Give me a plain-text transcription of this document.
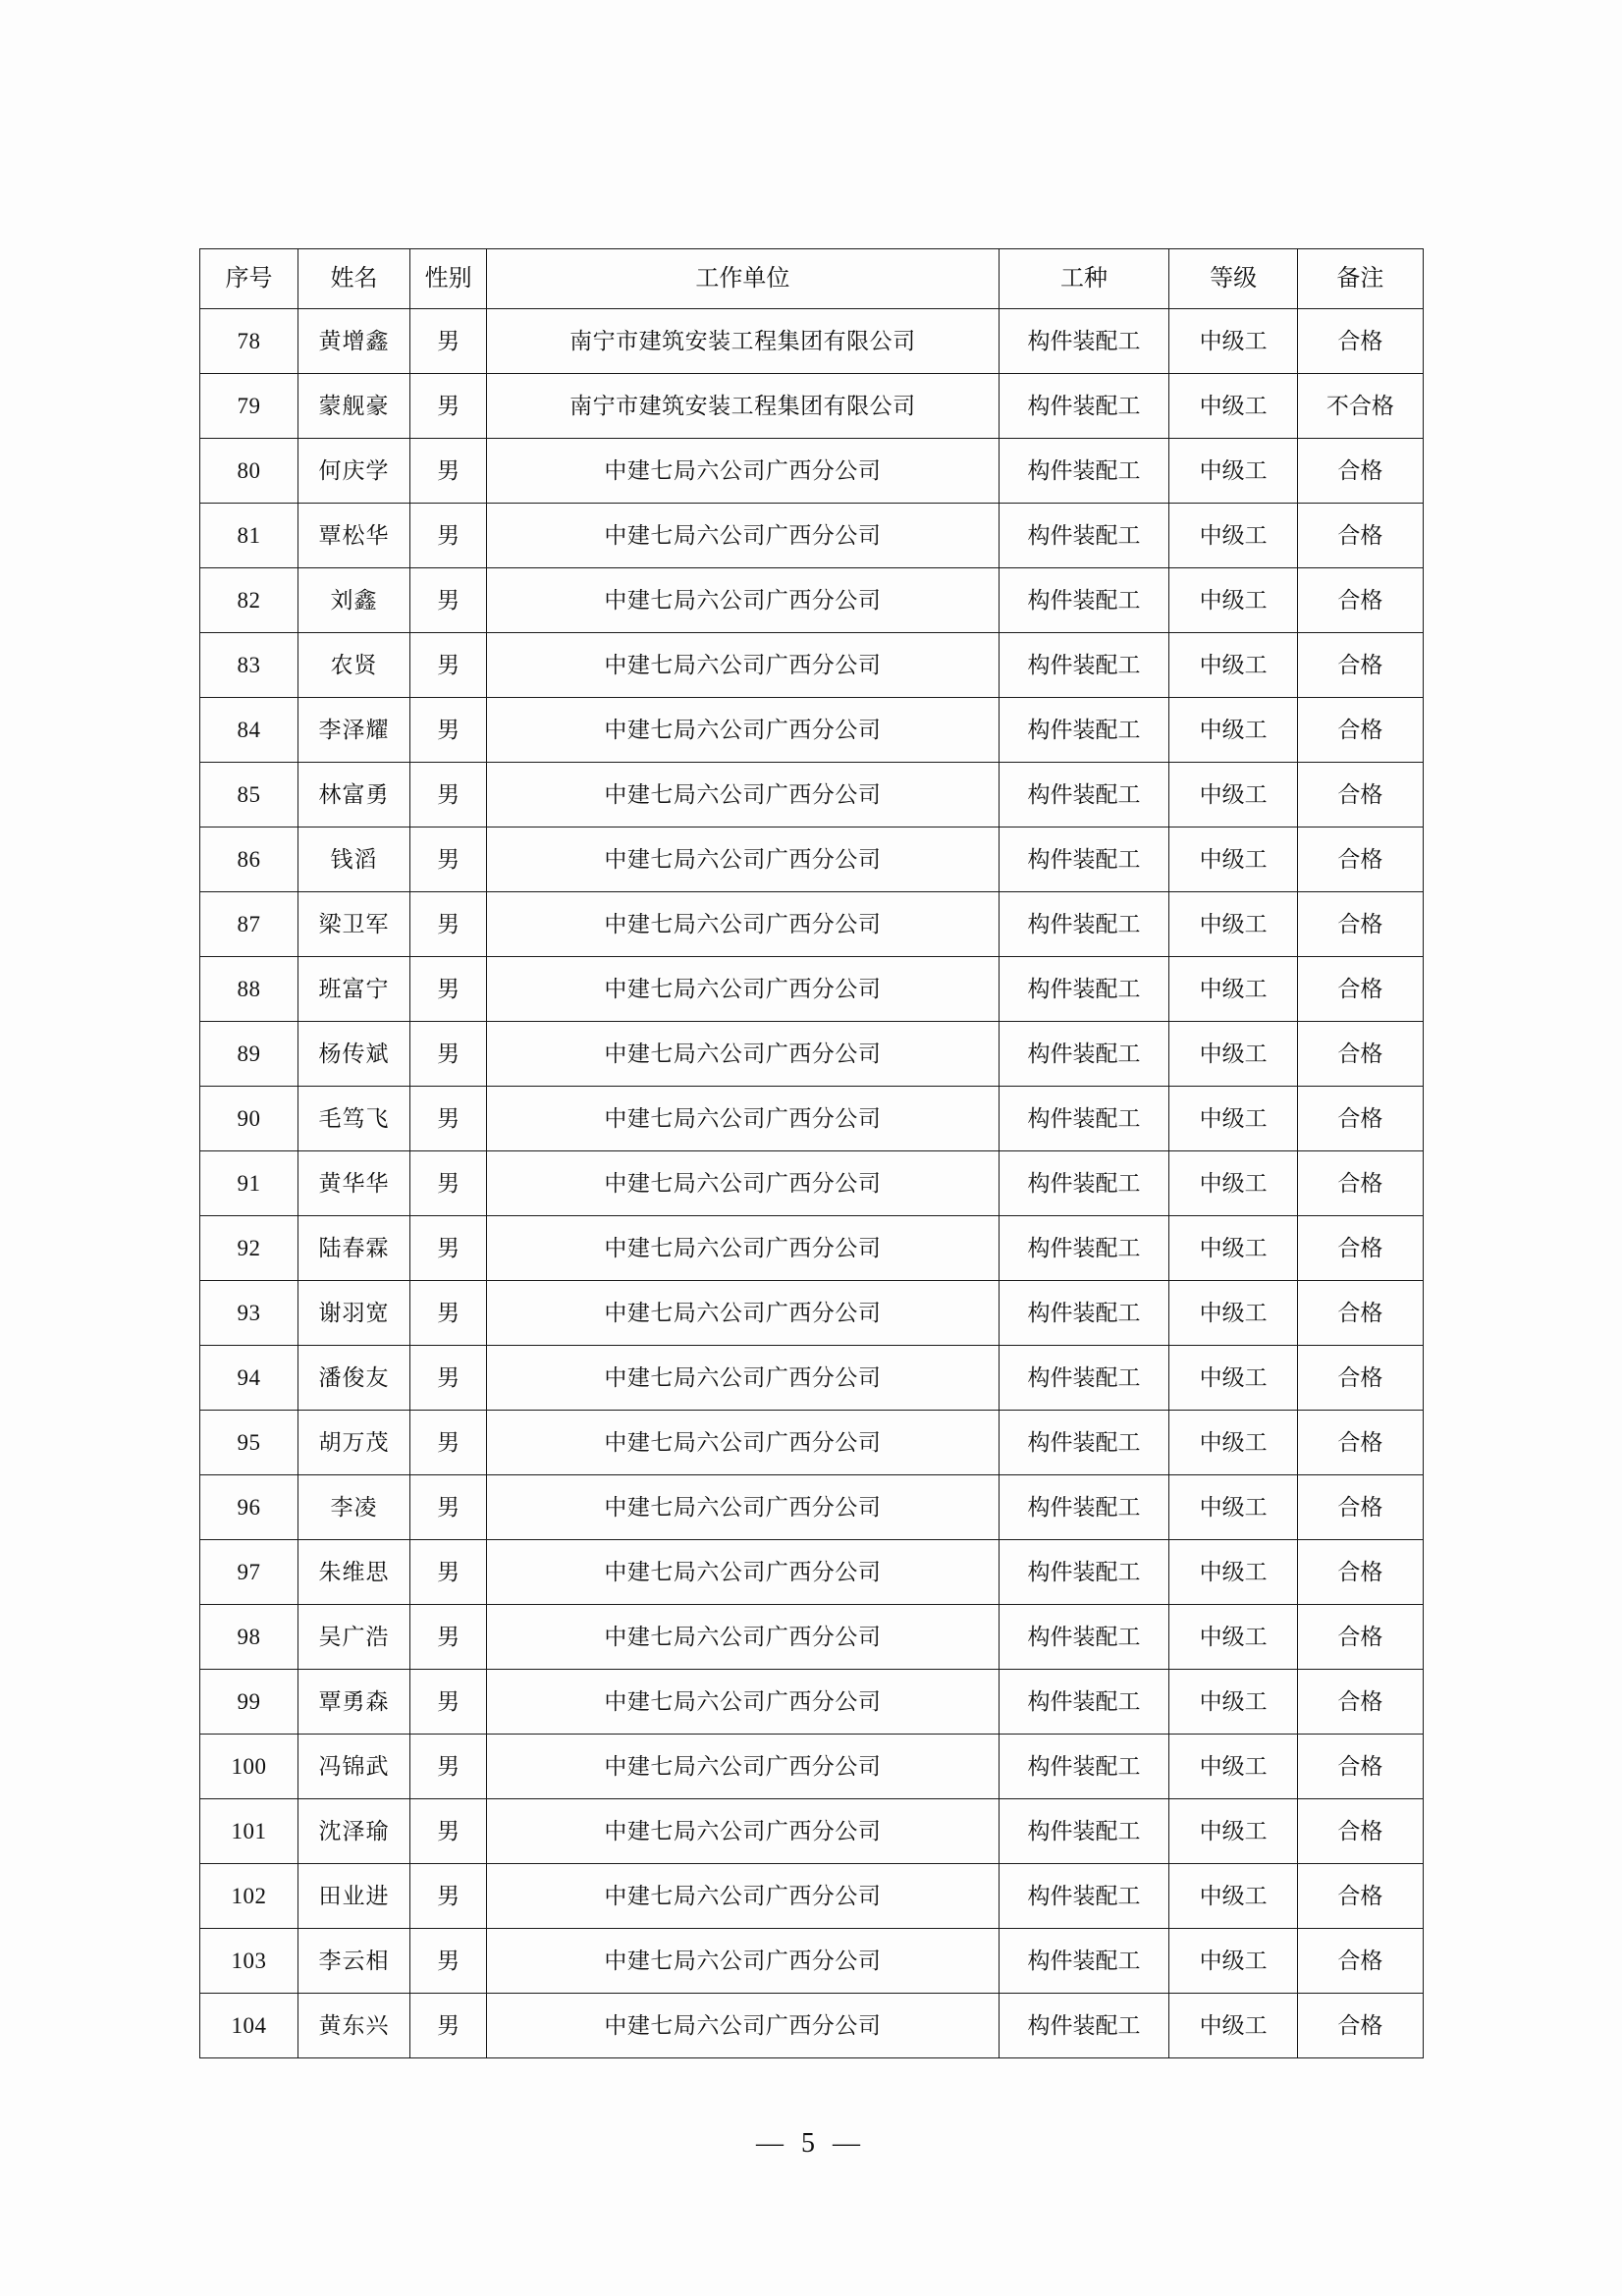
序号	姓名	性别	工作单位	工种	等级	备注
78	黄增鑫	男	南宁市建筑安装工程集团有限公司	构件装配工	中级工	合格
79	蒙舰豪	男	南宁市建筑安装工程集团有限公司	构件装配工	中级工	不合格
80	何庆学	男	中建七局六公司广西分公司	构件装配工	中级工	合格
81	覃松华	男	中建七局六公司广西分公司	构件装配工	中级工	合格
82	刘鑫	男	中建七局六公司广西分公司	构件装配工	中级工	合格
83	农贤	男	中建七局六公司广西分公司	构件装配工	中级工	合格
84	李泽耀	男	中建七局六公司广西分公司	构件装配工	中级工	合格
85	林富勇	男	中建七局六公司广西分公司	构件装配工	中级工	合格
86	钱滔	男	中建七局六公司广西分公司	构件装配工	中级工	合格
87	梁卫军	男	中建七局六公司广西分公司	构件装配工	中级工	合格
88	班富宁	男	中建七局六公司广西分公司	构件装配工	中级工	合格
89	杨传斌	男	中建七局六公司广西分公司	构件装配工	中级工	合格
90	毛笃飞	男	中建七局六公司广西分公司	构件装配工	中级工	合格
91	黄华华	男	中建七局六公司广西分公司	构件装配工	中级工	合格
92	陆春霖	男	中建七局六公司广西分公司	构件装配工	中级工	合格
93	谢羽宽	男	中建七局六公司广西分公司	构件装配工	中级工	合格
94	潘俊友	男	中建七局六公司广西分公司	构件装配工	中级工	合格
95	胡万茂	男	中建七局六公司广西分公司	构件装配工	中级工	合格
96	李凌	男	中建七局六公司广西分公司	构件装配工	中级工	合格
97	朱维思	男	中建七局六公司广西分公司	构件装配工	中级工	合格
98	吴广浩	男	中建七局六公司广西分公司	构件装配工	中级工	合格
99	覃勇森	男	中建七局六公司广西分公司	构件装配工	中级工	合格
100	冯锦武	男	中建七局六公司广西分公司	构件装配工	中级工	合格
101	沈泽瑜	男	中建七局六公司广西分公司	构件装配工	中级工	合格
102	田业进	男	中建七局六公司广西分公司	构件装配工	中级工	合格
103	李云相	男	中建七局六公司广西分公司	构件装配工	中级工	合格
104	黄东兴	男	中建七局六公司广西分公司	构件装配工	中级工	合格
— 5 —
